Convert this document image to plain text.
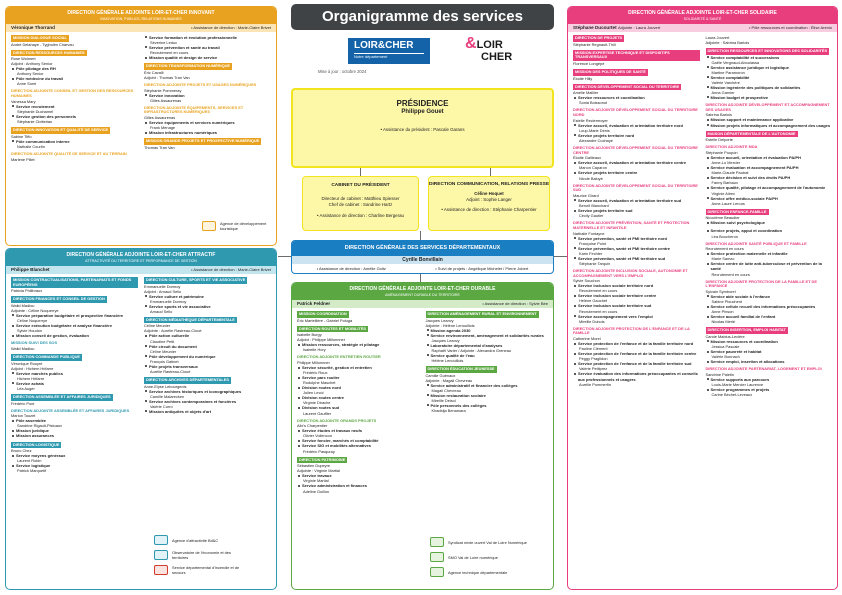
DIRECTION GÉNÉRALE ADJOINTE LOIR-ET-CHER INNOVANT
INNOVATION, PUBLICS, RELATIONS HUMAINES
Véronique Thorrand	• Assistance de direction : Marie-Claire Brivet
MISSION DIALOGUE SOCIAL
André Delahaye - Tygholim Charvau
DIRECTION RESSOURCES HUMAINES
Rose Wolmert
Adjoint : Anthony Senior
Pôle pilotage des RH
Anthony Senior
Pôle médecine du travail
Anne Sorel
DIRECTION ADJOINTE CONSEIL ET GESTION DES RESSOURCES HUMAINES
Vanessa Mary
Service recrutement
Stéphanie Duchamel
Service gestion des personnels
Stéphanie Clotterias
DIRECTION INNOVATION ET QUALITÉ DE SERVICE
Sabine Tiffo
Pôle communication interne
Nathalie Courtin
DIRECTION ADJOINTE QUALITÉ DE SERVICE ET AU TERRAIN
Marlene Pillet
Service formation et évolution professionnelle
Séverine Leduc
Service prévention et santé au travail
Recrutement en cours
Mission qualité et design de service
DIRECTION TRANSFORMATION NUMÉRIQUE
Éric Cavalli
Adjoint : Thomas Tran Van
DIRECTION ADJOINTE PROJETS ET USAGES NUMÉRIQUES
Stéphanie Pommeray
Service innovation
Gilles Assaurenas
DIRECTION ADJOINTE ÉQUIPEMENTS, SERVICES ET INFRASTRUCTURES NUMÉRIQUES
Gilles Assaurenas
Service équipements et services numériques
Frank Ménage
Mission infrastructures numériques
MISSION GRANDS PROJETS ET PROSPECTIVE NUMÉRIQUE
Thomas Tran Van
Agence de développement touristique
DIRECTION GÉNÉRALE ADJOINTE LOIR-ET-CHER ATTRACTIF
ATTRACTIVITÉ DU TERRITOIRE ET PERFORMANCE DE GESTION
Philippe Blanchet	• Assistance de direction : Marie-Claire Brivet
MISSION CONTRACTUALISATIONS, PARTENARIATS ET FONDS EUROPÉENS
Patricia Philibraux
DIRECTION FINANCES ET CONSEIL DE GESTION
Walid Madiou
Adjointe : Céline Noquerrye
Service préparation budgétaire et prospective financière
Céline Noquerrye
Service exécution budgétaire et analyse financière
Sylvie Houdon
Mission conseil de gestion, évaluation
MISSION SUIVI DES SOS
Walid Madiou
DIRECTION COMMANDE PUBLIQUE
Véronique Rouyré
Adjoint : Hichem Hrifarre
Service marchés publics
Hichem Hrifarre
Service achats
Léa Auger
DIRECTION ASSEMBLÉE ET AFFAIRES JURIDIQUES
Frédéric Pont
DIRECTION ADJOINTE ASSEMBLÉE ET AFFAIRES JURIDIQUES
Marion Touzet
Pôle assemblée
Sandrine Rigault-Pistoaux
Mission juridique
Mission assurances
DIRECTION LOGISTIQUE
Bruno Chez
Service moyens généraux
Laurent Robin
Service logistique
Patrick Marquetif
DIRECTION CULTURE, SPORTS ET VIE ASSOCIATIVE
Emmanuelle Dormoy
Adjoint : Arnaud Sello
Service culture et patrimoine
Emmanuelle Dormoy
Service sports et vie associative
Arnaud Sello
DIRECTION MÉDIATHÈQUE DÉPARTEMENTALE
Céline Meunier
Adjointe : Aurélie Rastreau-Cloué
Pôle action culturelle
Claudine Petit
Pôle circuit du document
Céline Meunier
Pôle développement du numérique
François Gatinet
Pôle projets transversaux
Aurélie Rastreau-Cloué
DIRECTION ARCHIVES DÉPARTEMENTALES
Anne-Elyse Lebourgeois
Service archives historiques et iconographiques
Camille Malarecken
Service archives contemporaines et foncières
Valérie Curro
Mission antiquités et objets d'art
Agence d'attractivité Bd&C
Observatoire de l'économie et des territoires
Service départemental d'incendie et de secours
Organigramme des services
LOIR&CHER
Notre département
&LOIR
CHER
Mise à jour : octobre 2024
PRÉSIDENCE
Philippe Gouet
• Assistance du président : Pascale Garans
CABINET DU PRÉSIDENT
Directeur de cabinet : Matthieu Spiesser
Chef de cabinet : Sandrine Hartz
• Assistance de direction : Charline Bergerau
DIRECTION COMMUNICATION, RELATIONS PRESSE
Céline Hoquet
Adjoint : Sophie Langer
• Assistance de direction : Stéphanie Charpentier
DIRECTION GÉNÉRALE DES SERVICES DÉPARTEMENTAUX
Cyrille Bonvillain
• Assistance de direction : Amélie Goltz	• Suivi de projets : Angélique Michelet / Pierre Jobert
DIRECTION GÉNÉRALE ADJOINTE LOIR-ET-CHER DURABLE
AMÉNAGEMENT DURABLE DU TERRITOIRE
Patrick Feldner	• Assistance de direction : Sylvie Bée
MISSION COORDINATION
Éric Martellière - Gabriel Poluga
DIRECTION ROUTES ET MOBILITÉS
Isabelle Burgy
Adjoint : Philippe Millonnner
Mission ressources, stratégie et pilotage
Isabelle Hory
DIRECTION ADJOINTE ENTRETIEN ROUTIER
Philippe Millonnner
Service sécurité, gestion et entretien
Frédéric Roux
Service parc routier
Rodolphe Maschet
Division routes nord
Julien Lecol
Division routes centre
Virginie Dirache
Division routes sud
Laurent Gauffier
DIRECTION ADJOINTE GRANDS PROJETS
Alix's Charpentier
Service études et travaux neufs
Olivier Vollencon
Service foncier, marchés et comptabilité
Service SIG et mobilités alternatives
Frédéric Pasquray
DIRECTION PATRIMOINE
Sébastien Dupeyre
Adjointe : Virginie Martial
Service travaux
Virginie Martial
Service administration et finances
Adeline Guillon
DIRECTION AMÉNAGEMENT RURAL ET ENVIRONNEMENT
Jacques Leanvy
Adjointe : Hélène Lenouillois
Mission agenda 2030
Service environnement, aménagement et solidarités rurales
Jacques Leanvy
Laboratoire départemental d'analyses
Raphaël Varier / Adjointe : Alexandra Greneau
Service qualité de l'eau
Hélène Lenouillois
DIRECTION ÉDUCATION JEUNESSE
Camille Guénaux
Adjointe : Magali Chevreau
Service administratif et financier des collèges
Magali Chevreau
Mission restauration scolaire
Mireille Delsol
Pôle personnels des collèges
Khadidja Benamara
Syndicat mixte ouvert Val de Loire Numérique
SMO Val de Loire numérique
Agence technique départementale
DIRECTION GÉNÉRALE ADJOINTE LOIR-ET-CHER SOLIDAIRE
SOLIDARITÉ & SANTÉ
Stéphane Ducourtet Adjointe : Laura Jouvert	• Pôle ressources et coordination : Élise Arenio
DIRECTION DE PROJETS
Stéphanie Regnault-Thill
MISSION EXPERTISE TECHNIQUE ET DISPOSITIFS TRANSVERSAUX
Florence Longépé
MISSION DES POLITIQUES DE SANTÉ
Élodie Hilly
DIRECTION DÉVELOPPEMENT SOCIAL DU TERRITOIRE
Amélie Maillier
Service ressources et coordination
Sonia Boissonot
DIRECTION ADJOINTE DÉVELOPPEMENT SOCIAL DU TERRITOIRE NORD
Estelle Reclermoyer
Service accueil, évaluation et orientation territoire nord
Loup-Marie Denis
Service projets territoire nord
Alexandre Cochaye
DIRECTION ADJOINTE DÉVELOPPEMENT SOCIAL DU TERRITOIRE CENTRE
Élodie Gallieaux
Service accueil, évaluation et orientation territoire centre
Manon Caparon
Service projets territoire centre
Nicole Baluyé
DIRECTION ADJOINTE DÉVELOPPEMENT SOCIAL DU TERRITOIRE SUD
Maurice Girard
Service accueil, évaluation et orientation territoire sud
Benoît Blanchard
Service projets territoire sud
Cécily Gautier
DIRECTION ADJOINTE PRÉVENTION, SANTÉ ET PROTECTION MATERNELLE ET INFANTILE
Nathalie Fontayne
Service prévention, santé et PMI territoire nord
Françoise Point
Service prévention, santé et PMI territoire centre
Karin Fechter
Service prévention, santé et PMI territoire sud
Stéphanie Tarquin
DIRECTION ADJOINTE INCLUSION SOCIALE, AUTONOMIE ET ACCOMPAGNEMENT VERS L'EMPLOI
Sylvie Souchon
Service inclusion sociale territoire nord
Recrutement en cours
Service inclusion sociale territoire centre
Hélène Gauchet
Service inclusion sociale territoire sud
Recrutement en cours
Service accompagnement vers l'emploi
Mireille Dubois
DIRECTION ADJOINTE PROTECTION DE L'ENFANCE ET DE LA FAMILLE
Catherine Morel
Service protection de l'enfance et de la famille territoire nord
Pauline Clément
Service protection de l'enfance et de la famille territoire centre
Peggy Praglidon
Service protection de l'enfance et de la famille territoire sud
Valérie Petitprez
Service évaluation des informations préoccupantes et conseils aux professionnels et usagers
Aurélie Pommerfin
Laura Jouvert
Adjointe : Sabrina Barlois
DIRECTION RESSOURCES ET INNOVATIONS DES SOLIDARITÉS
Service comptabilité et successions
Gaële Vergnaud-Aboulassa
Service assistance juridique et logistique
Martine Paramoron
Service comptabilité
Valérie Varchère
Mission ingénierie des politiques de solidarités
Anna Garnier
Mission budget et prospective
DIRECTION ADJOINTE DÉVELOPPEMENT ET ACCOMPAGNEMENT DES USAGES
Sabrina Barlois
Mission support et maintenance applicative
Mission projets informatiques et accompagnement des usages
MAISON DÉPARTEMENTALE DE L'AUTONOMIE
Estelle Delporte
DIRECTION ADJOINTE MDA
Stéphanie Poupon
Service accueil, orientation et évaluation PA/PH
Anne-Lo Mercier
Service évaluation et accompagnement PA/PH
Marie-Claude Pautrat
Service décision et suivi des droits PA/PH
Fanny Barbaux
Service qualité, pilotage et accompagnement de l'autonomie
Virginie Aiirec
Service offre médico-sociale PA/PH
Anne-Laure Lerous
DIRECTION ENFANCE-FAMILLE
Nicodème Beaudier
Mission suivi psychologique
Service projets, appui et coordination
Léa Boucheron
DIRECTION ADJOINTE SANTÉ PUBLIQUE ET FAMILLE
Recrutement en cours
Service protection maternelle et infantile
Marie Samzo
Service centre de lutte anti-tuberculose et prévention de la santé
Recrutement en cours
DIRECTION ADJOINTE PROTECTION DE LA FAMILLE ET DE L'ENFANCE
Sylvain Symborel
Service aide sociale à l'enfance
Sabine Plouchent
Service cellule recueil des informations préoccupantes
Anne Pinson
Service accueil familial de l'enfant
Nicolas Merlé
DIRECTION INSERTION, EMPLOI HABITAT
Carole Mabius-Leclère
Mission ressources et coordination
Jessica Pascale
Service pauvreté et habitat
Valérie Bonnach
Service emploi, insertion et allocations
DIRECTION ADJOINTE PARTENARIAT, LOGEMENT ET EMPLOI
Sandrine Paletin
Service supports aux parcours
Louis-Marie Mercier Laurence
Service programmes et projets
Carine Béchet-Leveaux
